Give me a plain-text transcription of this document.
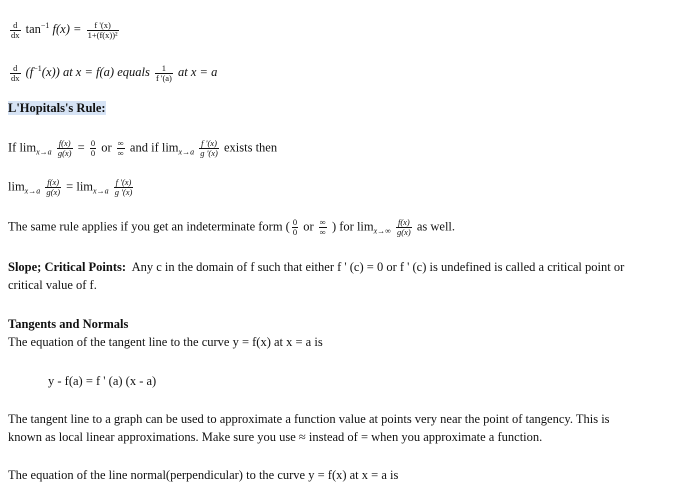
$\frac{d}{dx} \tan^{-1} f(x) = \frac{f '(x)}{\text{1+(f(x))²}}$
$\frac{d}{dx} (f^{-1}(x))$ at x = f(a) equals $\frac{1}{f '(a)}$ at x = a
L'Hopitals's Rule:
If $\lim_{x\to a} \frac{f(x)}{g(x)} = \frac{0}{0}$ or $\frac{\infty}{\infty}$ and if $\lim_{x\to a} \frac{f '(x)}{g '(x)}$ exists then
$\lim_{x\to a} \frac{f(x)}{g(x)} = \lim_{x\to a} \frac{f '(x)}{g '(x)}$
The same rule applies if you get an indeterminate form ( $\frac{0}{0}$ or $\frac{\infty}{\infty}$ ) for $\lim_{x\to\infty} \frac{f(x)}{g(x)}$ as well.
Slope; Critical Points: Any c in the domain of f such that either f ' (c) = 0 or f ' (c) is undefined is called a critical point or
critical value of f.
Tangents and Normals
The equation of the tangent line to the curve y = f(x) at x = a is
y - f(a) = f ' (a) (x - a)
The tangent line to a graph can be used to approximate a function value at points very near the point of tangency. This is
known as local linear approximations. Make sure you use ≈ instead of = when you approximate a function.
The equation of the line normal(perpendicular) to the curve y = f(x) at x = a is
